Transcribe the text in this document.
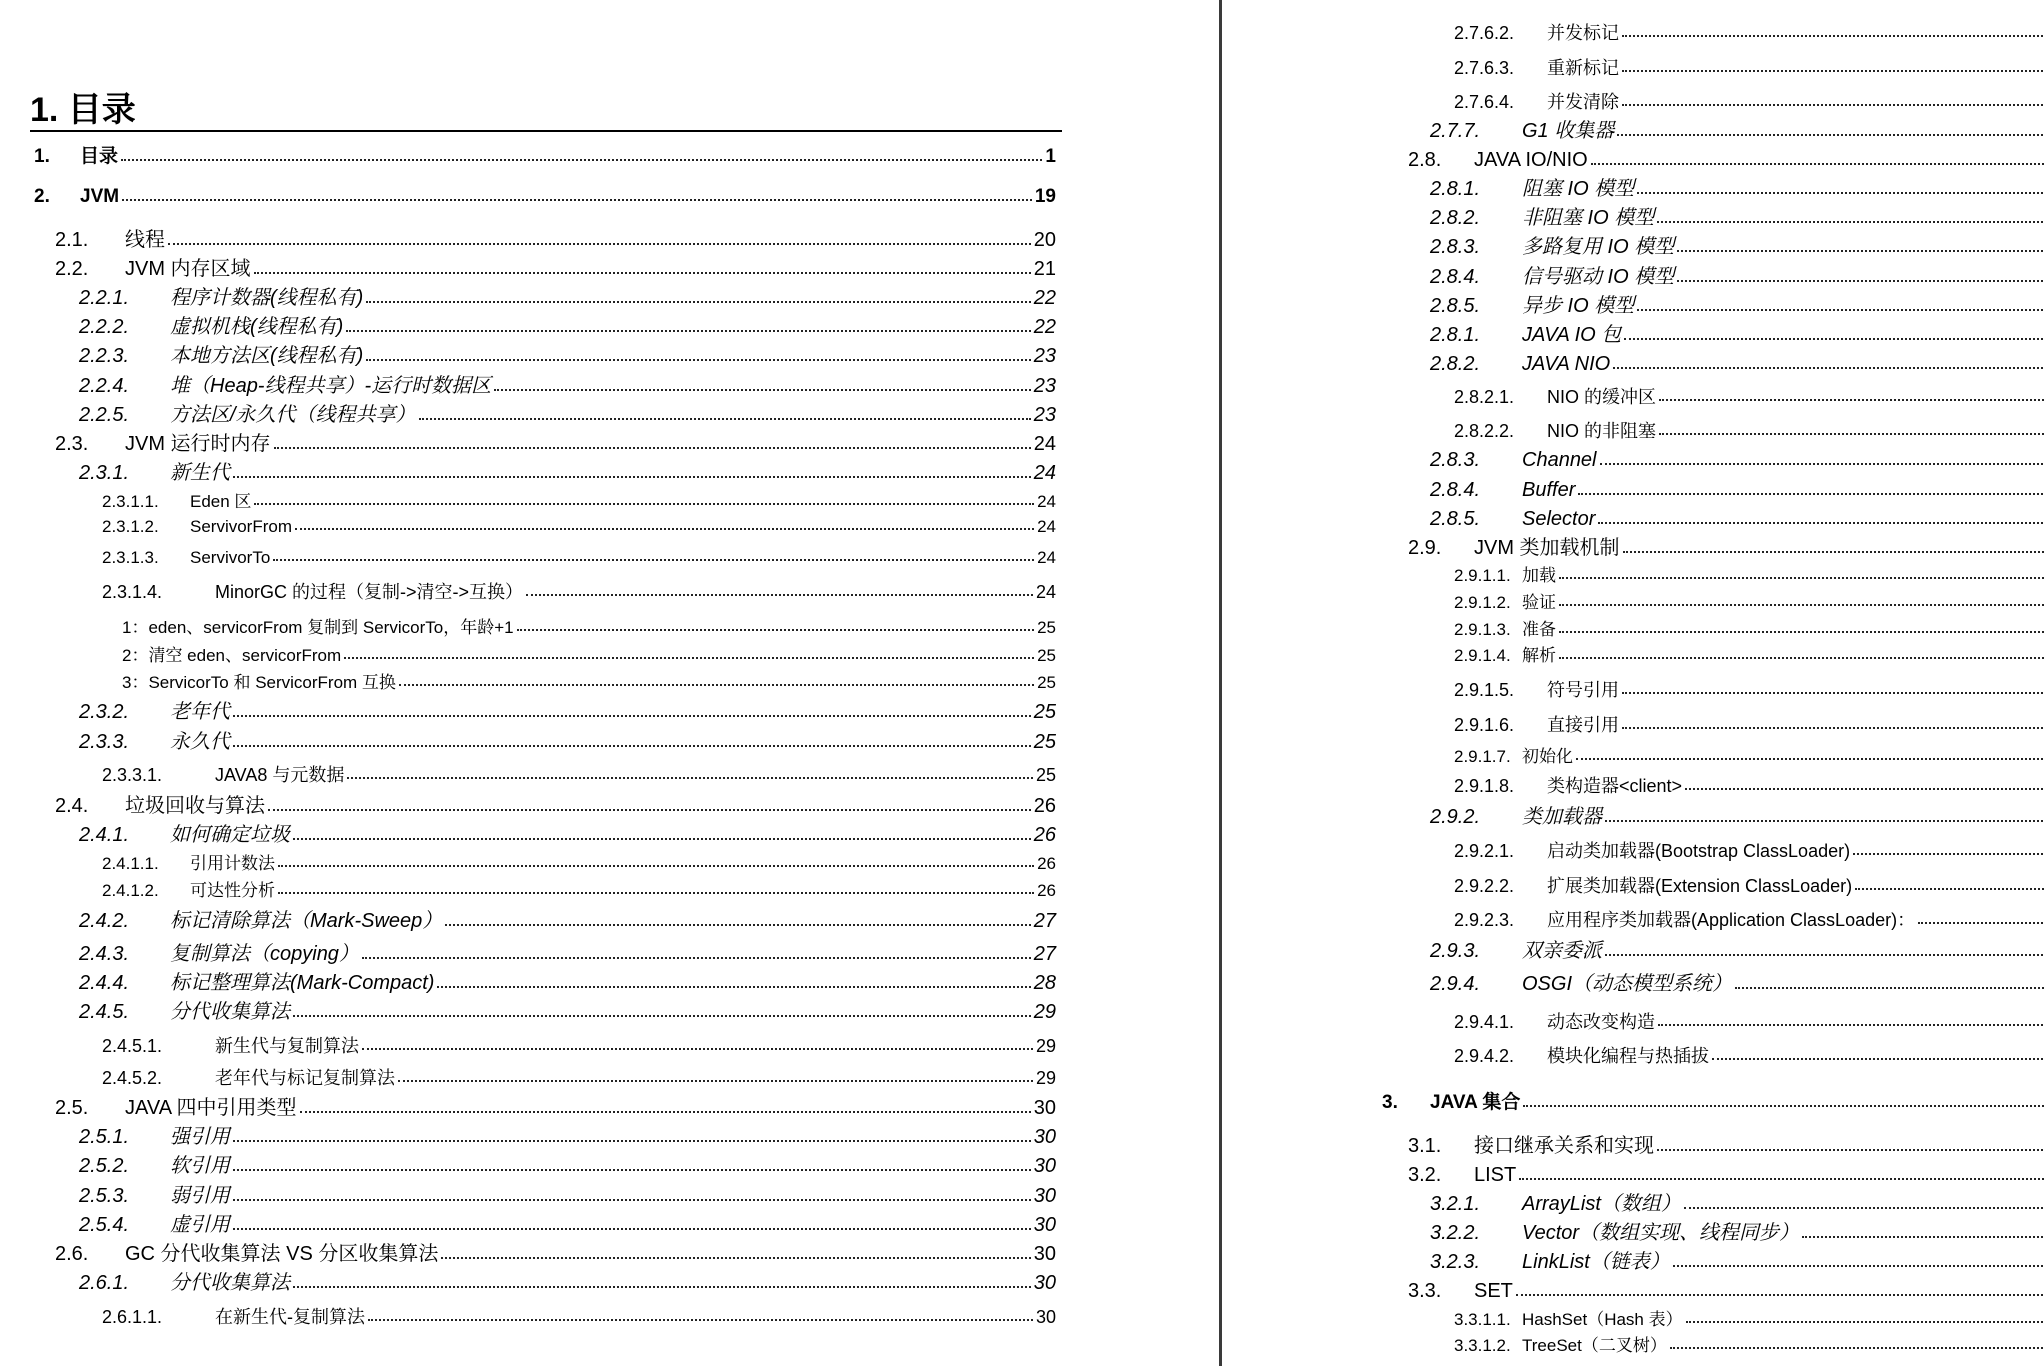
1. 目录
1.	目录	1
2.	JVM	19
2.1.	线程	20
2.2.	JVM 内存区域	21
2.2.1.	程序计数器(线程私有)	22
2.2.2.	虚拟机栈(线程私有)	22
2.2.3.	本地方法区(线程私有)	23
2.2.4.	堆（Heap-线程共享）-运行时数据区	23
2.2.5.	方法区/永久代（线程共享）	23
2.3.	JVM 运行时内存	24
2.3.1.	新生代	24
2.3.1.1.	Eden 区	24
2.3.1.2.	ServivorFrom	24
2.3.1.3.	ServivorTo	24
2.3.1.4.	MinorGC 的过程（复制->清空->互换）	24
1：eden、servicorFrom 复制到 ServicorTo，年龄+1	25
2：清空 eden、servicorFrom	25
3：ServicorTo 和 ServicorFrom 互换	25
2.3.2.	老年代	25
2.3.3.	永久代	25
2.3.3.1.	JAVA8 与元数据	25
2.4.	垃圾回收与算法	26
2.4.1.	如何确定垃圾	26
2.4.1.1.	引用计数法	26
2.4.1.2.	可达性分析	26
2.4.2.	标记清除算法（Mark-Sweep）	27
2.4.3.	复制算法（copying）	27
2.4.4.	标记整理算法(Mark-Compact)	28
2.4.5.	分代收集算法	29
2.4.5.1.	新生代与复制算法	29
2.4.5.2.	老年代与标记复制算法	29
2.5.	JAVA 四中引用类型	30
2.5.1.	强引用	30
2.5.2.	软引用	30
2.5.3.	弱引用	30
2.5.4.	虚引用	30
2.6.	GC 分代收集算法 VS 分区收集算法	30
2.6.1.	分代收集算法	30
2.6.1.1.	在新生代-复制算法	30
2.7.6.2.	并发标记
2.7.6.3.	重新标记
2.7.6.4.	并发清除
2.7.7.	G1 收集器
2.8.	JAVA IO/NIO
2.8.1.	阻塞 IO 模型
2.8.2.	非阻塞 IO 模型
2.8.3.	多路复用 IO 模型
2.8.4.	信号驱动 IO 模型
2.8.5.	异步 IO 模型
2.8.1.	JAVA IO 包
2.8.2.	JAVA NIO
2.8.2.1.	NIO 的缓冲区
2.8.2.2.	NIO 的非阻塞
2.8.3.	Channel
2.8.4.	Buffer
2.8.5.	Selector
2.9.	JVM 类加载机制
2.9.1.1. 加载
2.9.1.2. 验证
2.9.1.3. 准备
2.9.1.4. 解析
2.9.1.5.	符号引用
2.9.1.6.	直接引用
2.9.1.7. 初始化
2.9.1.8.	类构造器<client>
2.9.2.	类加载器
2.9.2.1.	启动类加载器(Bootstrap ClassLoader)
2.9.2.2.	扩展类加载器(Extension ClassLoader)
2.9.2.3.	应用程序类加载器(Application ClassLoader)：
2.9.3.	双亲委派
2.9.4.	OSGI（动态模型系统）
2.9.4.1.	动态改变构造
2.9.4.2.	模块化编程与热插拔
3.	JAVA 集合
3.1.	接口继承关系和实现
3.2.	LIST
3.2.1.	ArrayList（数组）
3.2.2.	Vector（数组实现、线程同步）
3.2.3.	LinkList（链表）
3.3.	SET
3.3.1.1. HashSet（Hash 表）
3.3.1.2. TreeSet（二叉树）
